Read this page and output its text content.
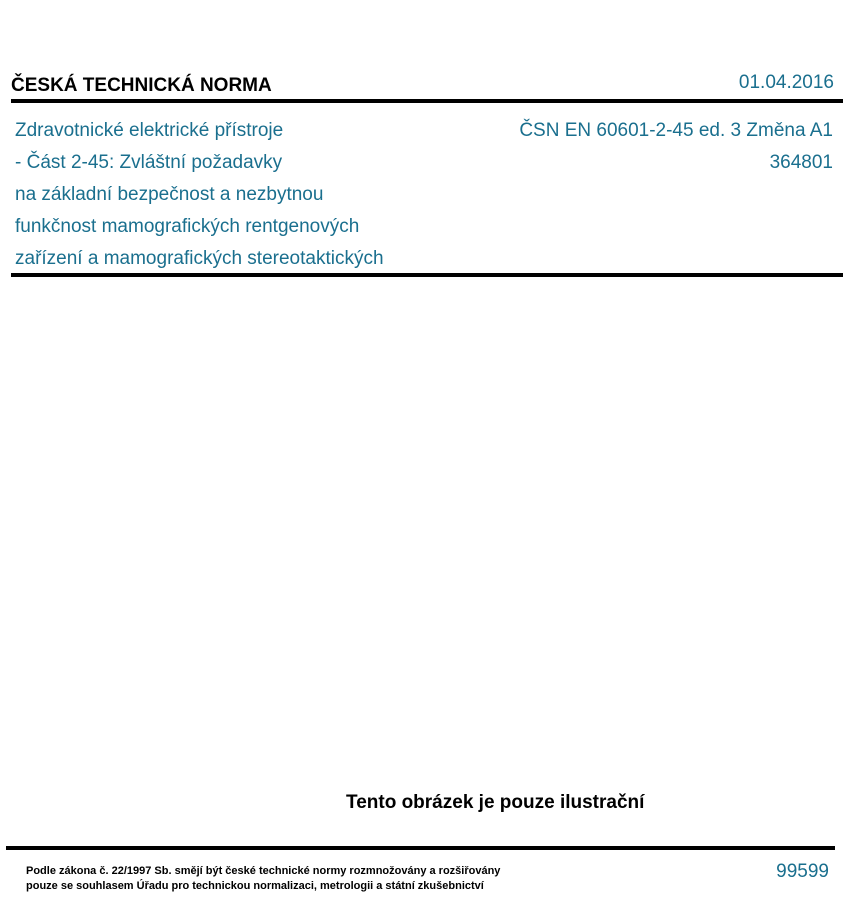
ČESKÁ TECHNICKÁ NORMA	01.04.2016
Zdravotnické elektrické přístroje
- Část 2-45: Zvláštní požadavky
na základní bezpečnost a nezbytnou
funkčnost mamografických rentgenových
zařízení a mamografických stereotaktických
ČSN EN 60601-2-45 ed. 3 Změna A1
364801
Tento obrázek je pouze ilustrační
Podle zákona č. 22/1997 Sb. smějí být české technické normy rozmnožovány a rozšiřovány
pouze se souhlasem Úřadu pro technickou normalizaci, metrologii a státní zkušebnictví
99599
